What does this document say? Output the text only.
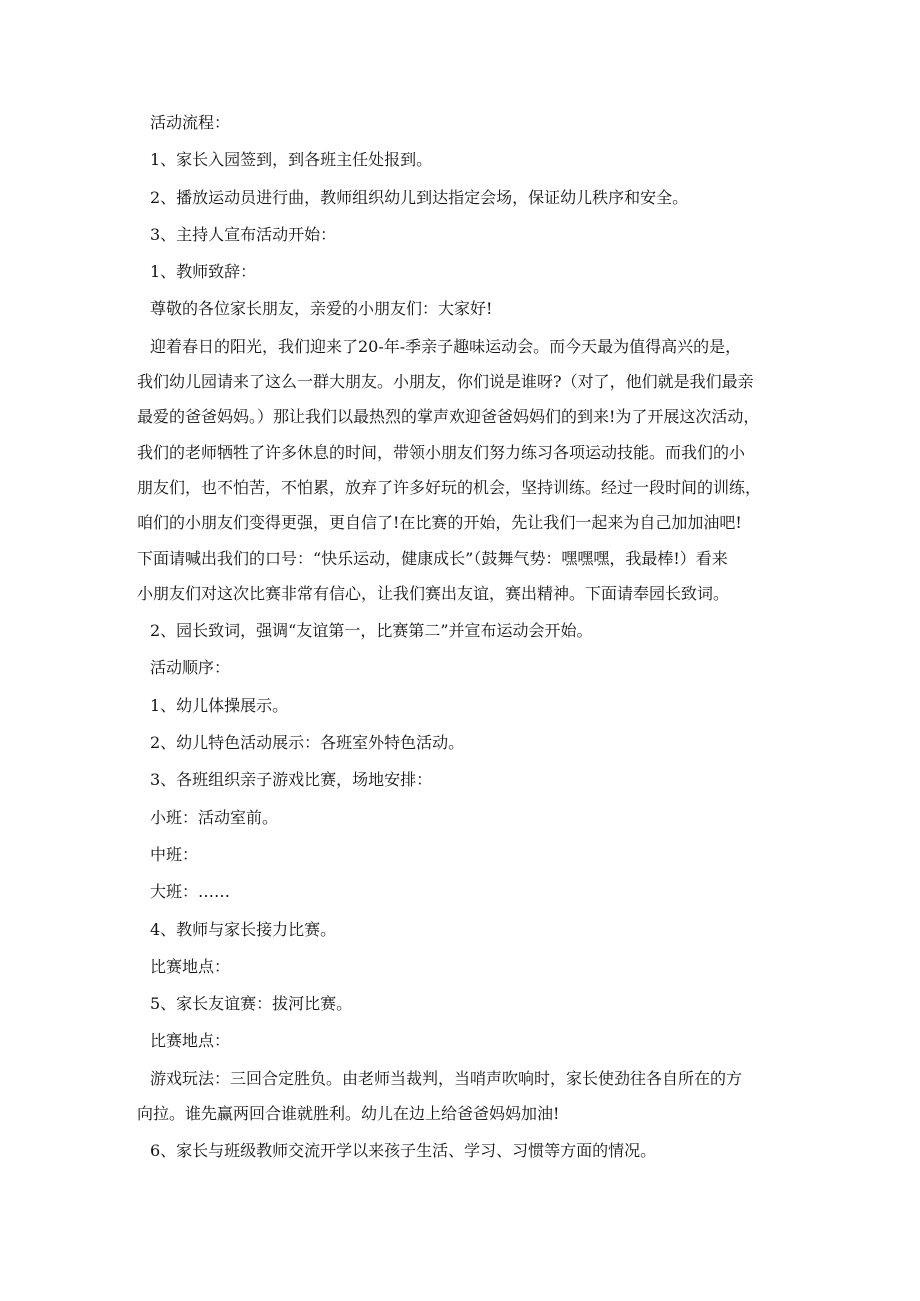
活动流程：
1、家长入园签到，到各班主任处报到。
2、播放运动员进行曲，教师组织幼儿到达指定会场，保证幼儿秩序和安全。
3、主持人宣布活动开始：
1、教师致辞：
尊敬的各位家长朋友，亲爱的小朋友们：大家好!
迎着春日的阳光，我们迎来了20-年-季亲子趣味运动会。而今天最为值得高兴的是，
我们幼儿园请来了这么一群大朋友。小朋友，你们说是谁呀?（对了，他们就是我们最亲
最爱的爸爸妈妈。）那让我们以最热烈的掌声欢迎爸爸妈妈们的到来!为了开展这次活动，
我们的老师牺牲了许多休息的时间，带领小朋友们努力练习各项运动技能。而我们的小
朋友们，也不怕苦，不怕累，放弃了许多好玩的机会，坚持训练。经过一段时间的训练，
咱们的小朋友们变得更强，更自信了!在比赛的开始，先让我们一起来为自己加加油吧!
下面请喊出我们的口号：“快乐运动，健康成长”（鼓舞气势：嘿嘿嘿，我最棒!）看来
小朋友们对这次比赛非常有信心，让我们赛出友谊，赛出精神。下面请奉园长致词。
2、园长致词，强调“友谊第一，比赛第二”并宣布运动会开始。
活动顺序：
1、幼儿体操展示。
2、幼儿特色活动展示：各班室外特色活动。
3、各班组织亲子游戏比赛，场地安排：
小班：活动室前。
中班：
大班：……
4、教师与家长接力比赛。
比赛地点：
5、家长友谊赛：拔河比赛。
比赛地点：
游戏玩法：三回合定胜负。由老师当裁判，当哨声吹响时，家长使劲往各自所在的方
向拉。谁先赢两回合谁就胜利。幼儿在边上给爸爸妈妈加油!
6、家长与班级教师交流开学以来孩子生活、学习、习惯等方面的情况。
